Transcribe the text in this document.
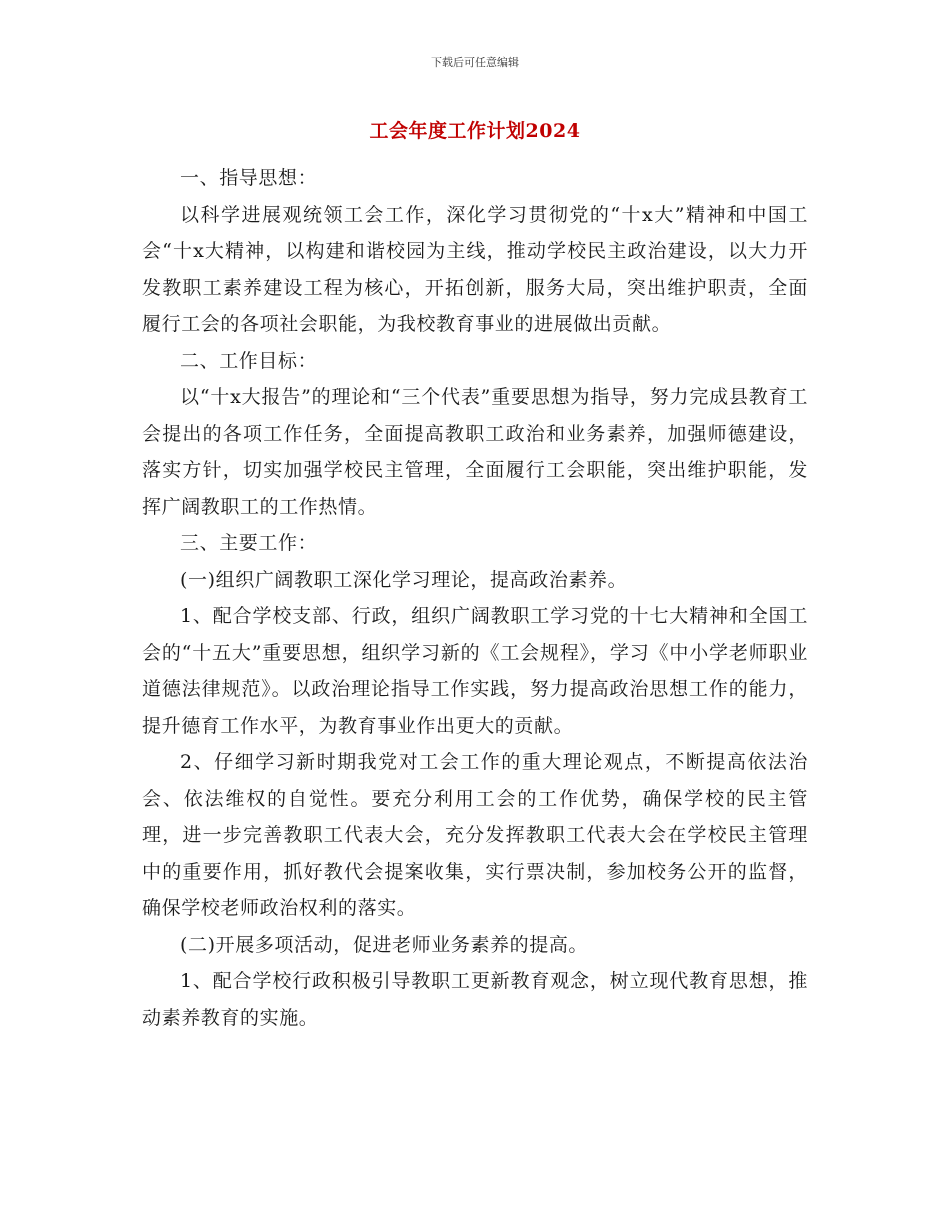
下载后可任意编辑
工会年度工作计划2024

一、指导思想：

以科学进展观统领工会工作，深化学习贯彻党的“十x大”精神和中国工会“十x大精神，以构建和谐校园为主线，推动学校民主政治建设，以大力开发教职工素养建设工程为核心，开拓创新，服务大局，突出维护职责，全面履行工会的各项社会职能，为我校教育事业的进展做出贡献。

二、工作目标：

以“十x大报告”的理论和“三个代表”重要思想为指导，努力完成县教育工会提出的各项工作任务，全面提高教职工政治和业务素养，加强师德建设，落实方针，切实加强学校民主管理，全面履行工会职能，突出维护职能，发挥广阔教职工的工作热情。

三、主要工作：

(一)组织广阔教职工深化学习理论，提高政治素养。

1、配合学校支部、行政，组织广阔教职工学习党的十七大精神和全国工会的“十五大”重要思想，组织学习新的《工会规程》，学习《中小学老师职业道德法律规范》。以政治理论指导工作实践，努力提高政治思想工作的能力，提升德育工作水平，为教育事业作出更大的贡献。

2、仔细学习新时期我党对工会工作的重大理论观点，不断提高依法治会、依法维权的自觉性。要充分利用工会的工作优势，确保学校的民主管理，进一步完善教职工代表大会，充分发挥教职工代表大会在学校民主管理中的重要作用，抓好教代会提案收集，实行票决制，参加校务公开的监督，确保学校老师政治权利的落实。

(二)开展多项活动，促进老师业务素养的提高。

1、配合学校行政积极引导教职工更新教育观念，树立现代教育思想，推动素养教育的实施。
